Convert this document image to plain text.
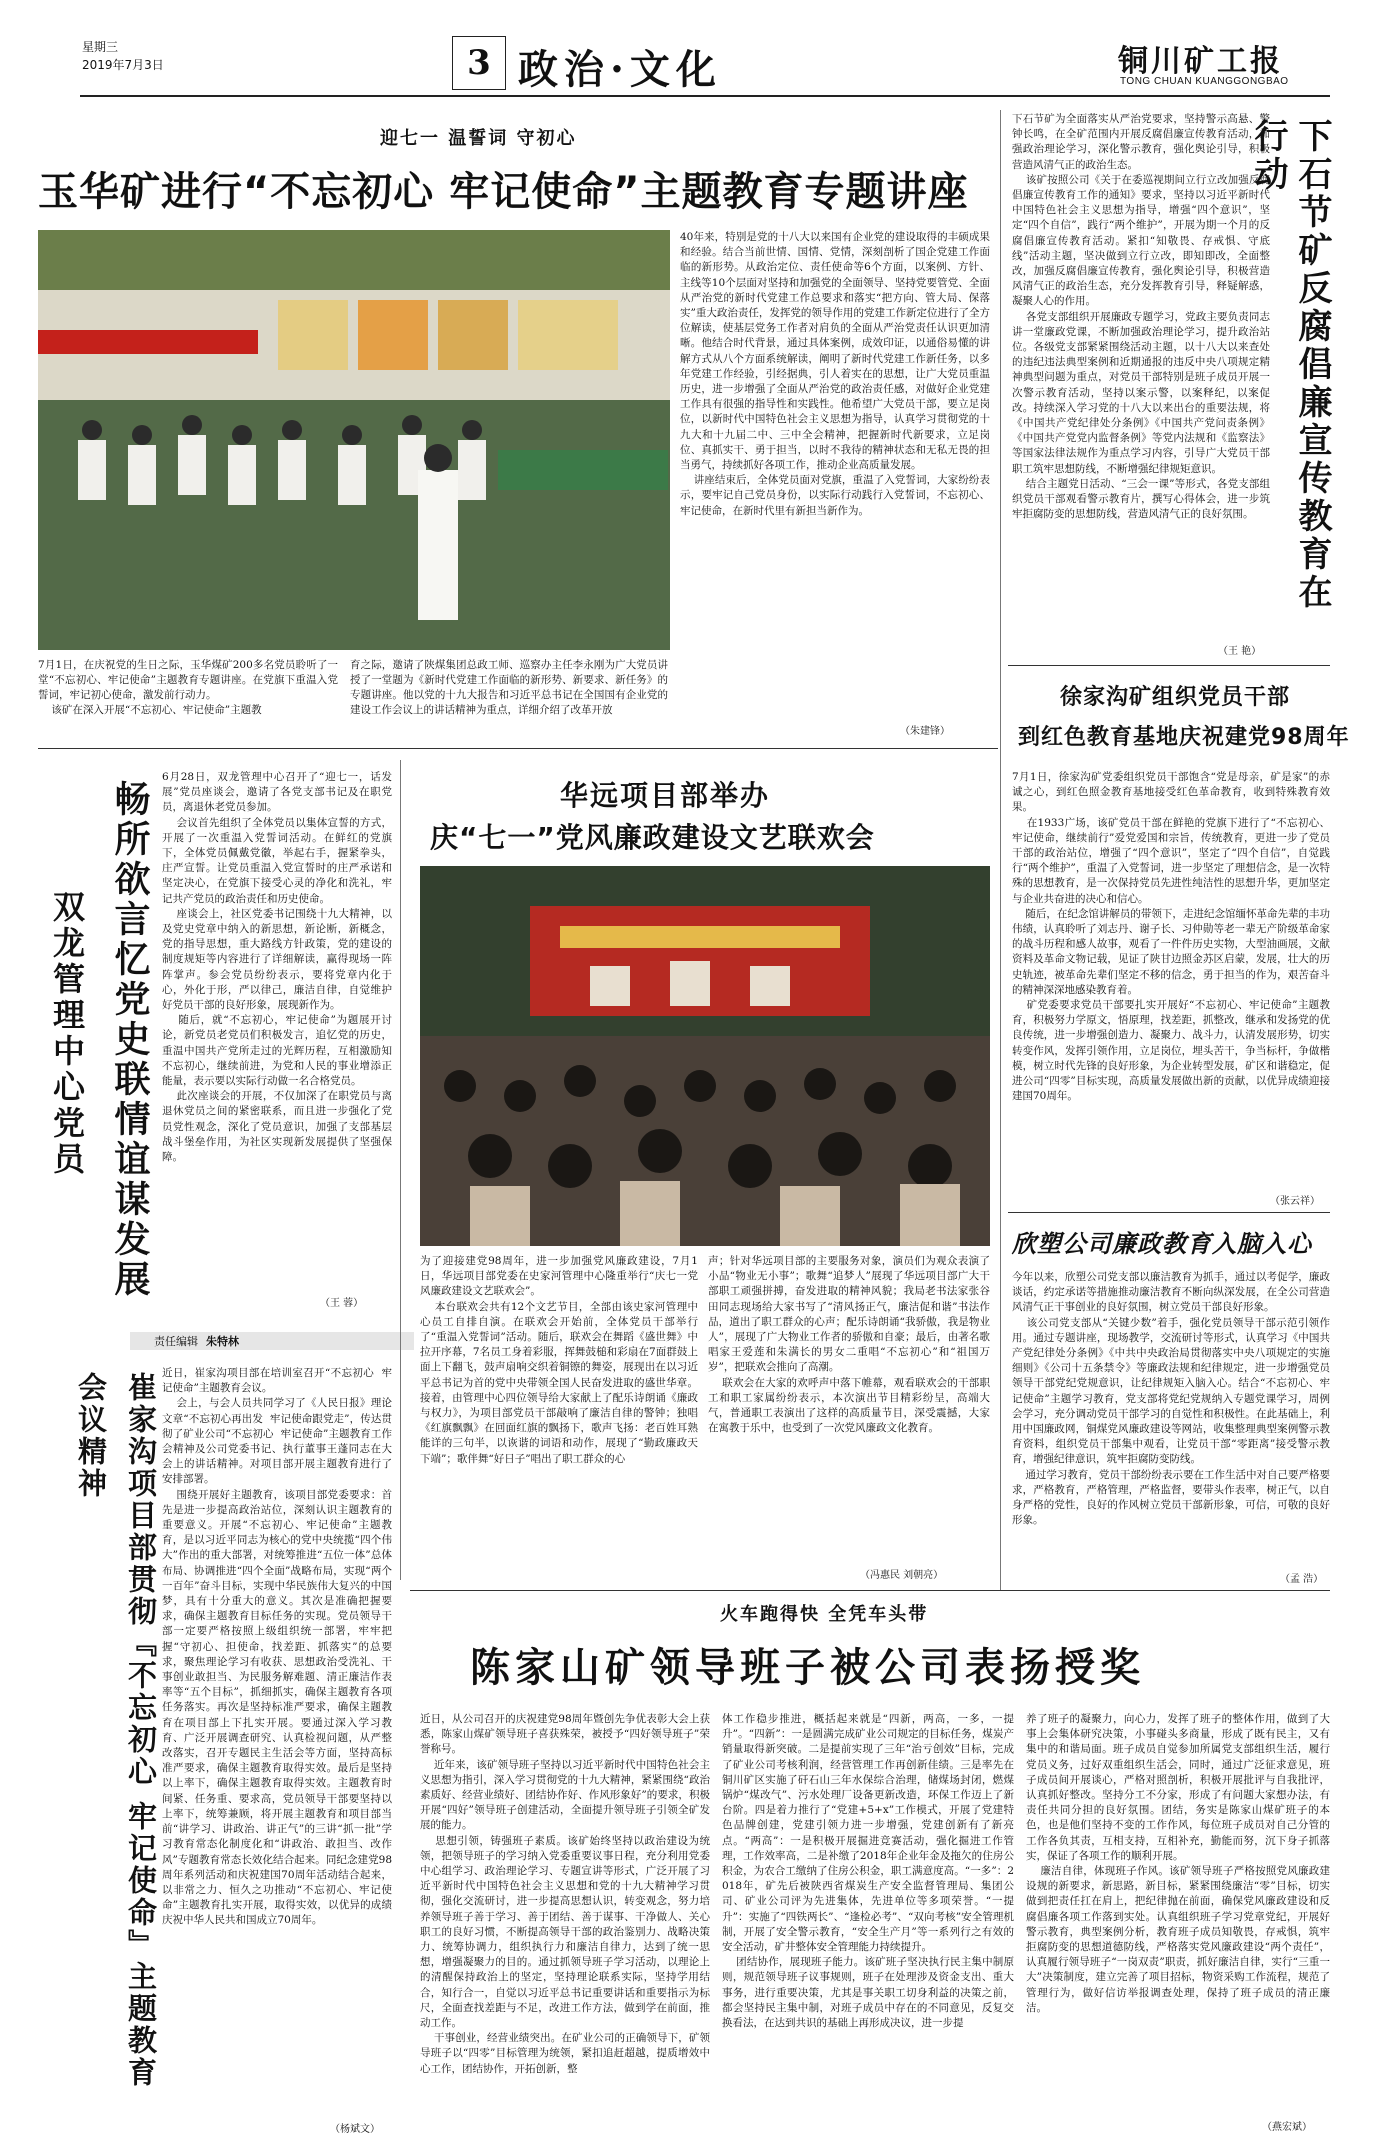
星期三
2019年7月3日	3 政治·文化	铜川矿工报
TONG CHUAN KUANGGONGBAO
迎七一 温誓词 守初心
玉华矿进行“不忘初心 牢记使命”主题教育专题讲座
7月1日，在庆祝党的生日之际，玉华煤矿200多名党员聆听了一堂“不忘初心、牢记使命”主题教育专题讲座。在党旗下重温入党誓词，牢记初心使命，激发前行动力。
该矿在深入开展“不忘初心、牢记使命”主题教
育之际，邀请了陕煤集团总政工师、巡察办主任李永刚为广大党员讲授了一堂题为《新时代党建工作面临的新形势、新要求、新任务》的专题讲座。他以党的十九大报告和习近平总书记在全国国有企业党的建设工作会议上的讲话精神为重点，详细介绍了改革开放
40年来，特别是党的十八大以来国有企业党的建设取得的丰硕成果和经验。结合当前世情、国情、党情，深刻剖析了国企党建工作面临的新形势。从政治定位、责任使命等6个方面，以案例、方针、主线等10个层面对坚持和加强党的全面领导、坚持党要管党、全面从严治党的新时代党建工作总要求和落实“把方向、管大局、保落实”重大政治责任，发挥党的领导作用的党建工作新定位进行了全方位解读，使基层党务工作者对肩负的全面从严治党责任认识更加清晰。他结合时代背景，通过具体案例，成效印证，以通俗易懂的讲解方式从八个方面系统解读，阐明了新时代党建工作新任务，以多年党建工作经验，引经据典，引人着实在的思想，让广大党员重温历史，进一步增强了全面从严治党的政治责任感，对做好企业党建工作具有很强的指导性和实践性。他希望广大党员干部，要立足岗位，以新时代中国特色社会主义思想为指导，认真学习贯彻党的十九大和十九届二中、三中全会精神，把握新时代新要求，立足岗位、真抓实干、勇于担当，以时不我待的精神状态和无私无畏的担当勇气，持续抓好各项工作，推动企业高质量发展。
讲座结束后，全体党员面对党旗，重温了入党誓词，大家纷纷表示，要牢记自己党员身份，以实际行动践行入党誓词，不忘初心、牢记使命，在新时代里有新担当新作为。
（朱建锋）
下石节矿为全面落实从严治党要求，坚持警示高悬、警钟长鸣，在全矿范围内开展反腐倡廉宣传教育活动，加强政治理论学习，深化警示教育，强化舆论引导，积极营造风清气正的政治生态。
该矿按照公司《关于在委巡视期间立行立改加强反腐倡廉宣传教育工作的通知》要求，坚持以习近平新时代中国特色社会主义思想为指导，增强“四个意识”，坚定“四个自信”，践行“两个维护”，开展为期一个月的反腐倡廉宣传教育活动。紧扣“知敬畏、存戒惧、守底线”活动主题，坚决做到立行立改，即知即改，全面整改，加强反腐倡廉宣传教育，强化舆论引导，积极营造风清气正的政治生态，充分发挥教育引导，释疑解惑，凝聚人心的作用。
各党支部组织开展廉政专题学习，党政主要负责同志讲一堂廉政党课，不断加强政治理论学习，提升政治站位。各级党支部紧紧围绕活动主题，以十八大以来查处的违纪违法典型案例和近期通报的违反中央八项规定精神典型问题为重点，对党员干部特别是班子成员开展一次警示教育活动，坚持以案示警，以案释纪，以案促改。持续深入学习党的十八大以来出台的重要法规，将《中国共产党纪律处分条例》《中国共产党问责条例》《中国共产党党内监督条例》等党内法规和《监察法》等国家法律法规作为重点学习内容，引导广大党员干部职工筑牢思想防线，不断增强纪律规矩意识。
结合主题党日活动、“三会一课”等形式，各党支部组织党员干部观看警示教育片，撰写心得体会，进一步筑牢拒腐防变的思想防线，营造风清气正的良好氛围。	下石节矿反腐倡廉宣传教育在行动
（王 艳）
徐家沟矿组织党员干部
到红色教育基地庆祝建党98周年
7月1日，徐家沟矿党委组织党员干部饱含“党是母亲，矿是家”的赤诚之心，到红色照金教育基地接受红色革命教育，收到特殊教育效果。
在1933广场，该矿党员干部在鲜艳的党旗下进行了“不忘初心、牢记使命，继续前行”爱党爱国和宗旨，传统教育，更进一步了党员干部的政治站位，增强了“四个意识”，坚定了“四个自信”，自觉践行“两个维护”，重温了入党誓词，进一步坚定了理想信念，是一次特殊的思想教育，是一次保持党员先进性纯洁性的思想升华，更加坚定与企业共奋进的决心和信心。
随后，在纪念馆讲解员的带领下，走进纪念馆缅怀革命先辈的丰功伟绩，认真聆听了刘志丹、谢子长、习仲勋等老一辈无产阶级革命家的战斗历程和感人故事，观看了一件件历史实物，大型油画展，文献资料及革命文物记载，见证了陕甘边照金苏区启蒙，发展，壮大的历史轨迹，被革命先辈们坚定不移的信念，勇于担当的作为，艰苦奋斗的精神深深地感染教育着。
矿党委要求党员干部要扎实开展好“不忘初心、牢记使命”主题教育，积极努力学原文，悟原理，找差距，抓整改，继承和发扬党的优良传统，进一步增强创造力、凝聚力、战斗力，认清发展形势，切实转变作风，发挥引领作用，立足岗位，埋头苦干，争当标杆，争做楷模，树立时代先锋的良好形象，为企业转型发展，矿区和谐稳定，促进公司“四零”目标实现，高质量发展做出新的贡献，以优异成绩迎接建国70周年。
（张云祥）
欣塑公司廉政教育入脑入心
今年以来，欣塑公司党支部以廉洁教育为抓手，通过以考促学，廉政谈话，约定承诺等措施推动廉洁教育不断向纵深发展，在全公司营造风清气正干事创业的良好氛围，树立党员干部良好形象。
该公司党支部从“关键少数”着手，强化党员领导干部示范引领作用。通过专题讲座，现场教学，交流研讨等形式，认真学习《中国共产党纪律处分条例》《中共中央政治局贯彻落实中央八项规定的实施细则》《公司十五条禁令》等廉政法规和纪律规定，进一步增强党员领导干部党纪党规意识，让纪律规矩入脑入心。结合“不忘初心、牢记使命”主题学习教育，党支部将党纪党规纳入专题党课学习，周例会学习，充分调动党员干部学习的自觉性和积极性。在此基础上，利用中国廉政网，铜煤党风廉政建设等网站，收集整理典型案例警示教育资料，组织党员干部集中观看，让党员干部“零距离”接受警示教育，增强纪律意识，筑牢拒腐防变防线。
通过学习教育，党员干部纷纷表示要在工作生活中对自己要严格要求，严格教育，严格管理，严格监督，要带头作表率，树正气，以自身严格的党性，良好的作风树立党员干部新形象，可信，可敬的良好形象。
（孟 浩）
畅所欲言忆党史联情谊谋发展
双龙管理中心党员
6月28日，双龙管理中心召开了“迎七一，话发展”党员座谈会，邀请了各党支部书记及在职党员，离退休老党员参加。
会议首先组织了全体党员以集体宣誓的方式，开展了一次重温入党誓词活动。在鲜红的党旗下，全体党员佩戴党徽，举起右手，握紧拳头，庄严宣誓。让党员重温入党宣誓时的庄严承诺和坚定决心，在党旗下接受心灵的净化和洗礼，牢记共产党员的政治责任和历史使命。
座谈会上，社区党委书记围绕十九大精神，以及党史党章中纳入的新思想，新论断，新概念，党的指导思想，重大路线方针政策，党的建设的制度规矩等内容进行了详细解读，赢得现场一阵阵掌声。参会党员纷纷表示，要将党章内化于心，外化于形，严以律己，廉洁自律，自觉维护好党员干部的良好形象，展现新作为。
随后，就“不忘初心，牢记使命”为题展开讨论，新党员老党员们积极发言，追忆党的历史，重温中国共产党所走过的光辉历程，互相激励知不忘初心，继续前进，为党和人民的事业增添正能量，表示要以实际行动做一名合格党员。
此次座谈会的开展，不仅加深了在职党员与离退休党员之间的紧密联系，而且进一步强化了党员党性观念，深化了党员意识，加强了支部基层战斗堡垒作用，为社区实现新发展提供了坚强保障。
（王 蓉）
责任编辑 朱特林
华远项目部举办
庆“七一”党风廉政建设文艺联欢会
为了迎接建党98周年，进一步加强党风廉政建设，7月1日，华远项目部党委在史家河管理中心隆重举行“庆七一党风廉政建设文艺联欢会”。
本台联欢会共有12个文艺节目，全部由该史家河管理中心员工自排自演。在联欢会开始前，全体党员干部举行了“重温入党誓词”活动。随后，联欢会在舞蹈《盛世舞》中拉开序幕，7名员工身着彩服，挥舞鼓槌和彩扇在7面群鼓上面上下翻飞，鼓声扇响交织着铜镲的舞姿，展现出在以习近平总书记为首的党中央带领全国人民奋发进取的盛世华章。接着，由管理中心四位领导给大家献上了配乐诗朗诵《廉政与权力》，为项目部党员干部敲响了廉洁自律的警钟；独唱《红旗飘飘》在回面红旗的飘扬下，歌声飞扬：老百姓耳熟能详的三句半，以诙谐的词语和动作，展现了“勤政廉政天下端”；歌伴舞“好日子”唱出了职工群众的心
声；针对华远项目部的主要服务对象，演员们为观众表演了小品“物业无小事”；歌舞“追梦人”展现了华远项目部广大干部职工顽强拼搏，奋发进取的精神风貌；我局老书法家张谷田同志现场给大家书写了“清风扬正气，廉洁促和谐”书法作品，道出了职工群众的心声；配乐诗朗诵“我骄傲，我是物业人”，展现了广大物业工作者的骄傲和自豪；最后，由著名歌唱家王爱莲和朱满长的男女二重唱“不忘初心”和“祖国万岁”，把联欢会推向了高潮。
联欢会在大家的欢呼声中落下帷幕，观看联欢会的干部职工和职工家属纷纷表示，本次演出节目精彩纷呈，高端大气，普通职工表演出了这样的高质量节目，深受震撼，大家在寓教于乐中，也受到了一次党风廉政文化教育。
（冯惠民 刘朝亮）
崔家沟项目部贯彻『不忘初心 牢记使命』主题教育会议精神	近日，崔家沟项目部在培训室召开“不忘初心  牢记使命”主题教育会议。
会上，与会人员共同学习了《人民日报》理论文章“不忘初心再出发  牢记使命跟党走”，传达贯彻了矿业公司“不忘初心  牢记使命”主题教育工作会精神及公司党委书记、执行董事王蓬同志在大会上的讲话精神。对项目部开展主题教育进行了安排部署。
围绕开展好主题教育，该项目部党委要求：首先是进一步提高政治站位，深刻认识主题教育的重要意义。开展“不忘初心、牢记使命”主题教育，是以习近平同志为核心的党中央统揽“四个伟大”作出的重大部署，对统筹推进“五位一体”总体布局、协调推进“四个全面”战略布局，实现“两个一百年”奋斗目标，实现中华民族伟大复兴的中国梦，具有十分重大的意义。其次是准确把握要求，确保主题教育目标任务的实现。党员领导干部一定要严格按照上级组织统一部署，牢牢把握“守初心、担使命，找差距、抓落实”的总要求，聚焦理论学习有收获、思想政治受洗礼、干事创业敢担当、为民服务解难题、清正廉洁作表率等“五个目标”，抓细抓实，确保主题教育各项任务落实。再次是坚持标准严要求，确保主题教育在项目部上下扎实开展。要通过深入学习教育、广泛开展调查研究、认真检视问题，从严整改落实，召开专题民主生活会等方面，坚持高标准严要求，确保主题教育取得实效。最后是坚持以上率下，确保主题教育取得实效。主题教育时间紧、任务重、要求高，党员领导干部要坚持以上率下，统筹兼顾，将开展主题教育和项目部当前“讲学习、讲政治、讲正气”的三讲“抓一批”学习教育常态化制度化和“讲政治、敢担当、改作风”专题教育常态长效化结合起来。同纪念建党98周年系列活动和庆祝建国70周年活动结合起来，以非常之力、恒久之功推动“不忘初心、牢记使命”主题教育扎实开展，取得实效，以优异的成绩庆祝中华人民共和国成立70周年。
（杨斌文）
火车跑得快 全凭车头带
陈家山矿领导班子被公司表扬授奖
近日，从公司召开的庆祝建党98周年暨创先争优表彰大会上获悉，陈家山煤矿领导班子喜获殊荣，被授予“四好领导班子”荣誉称号。
近年来，该矿领导班子坚持以习近平新时代中国特色社会主义思想为指引，深入学习贯彻党的十九大精神，紧紧围绕“政治素质好、经营业绩好、团结协作好、作风形象好”的要求，积极开展“四好”领导班子创建活动，全面提升领导班子引领全矿发展的能力。
思想引领，铸强班子素质。该矿始终坚持以政治建设为统领，把领导班子的学习纳入党委重要议事日程，充分利用党委中心组学习、政治理论学习、专题宣讲等形式，广泛开展了习近平新时代中国特色社会主义思想和党的十九大精神学习贯彻，强化交流研讨，进一步提高思想认识，转变观念，努力培养领导班子善于学习、善于团结、善于谋事、干净做人、关心职工的良好习惯，不断提高领导干部的政治鉴别力、战略决策力、统筹协调力，组织执行力和廉洁自律力，达到了统一思想，增强凝聚力的目的。通过抓领导班子学习活动，以理论上的清醒保持政治上的坚定，坚持理论联系实际，坚持学用结合，知行合一，自觉以习近平总书记重要讲话和重要指示为标尺，全面查找差距与不足，改进工作方法，做到学在前面，推动工作。
干事创业，经营业绩突出。在矿业公司的正确领导下，矿领导班子以“四零”目标管理为统领，紧扣追赶超越，提质增效中心工作，团结协作，开拓创新，整
体工作稳步推进，概括起来就是“四新，两高，一多，一提升”。“四新”：一是圆满完成矿业公司规定的目标任务，煤炭产销量取得新突破。二是提前实现了三年“治亏创效”目标，完成了矿业公司考核利润，经营管理工作再创新佳绩。三是率先在铜川矿区实施了矸石山三年水保综合治理，储煤场封闭，燃煤锅炉“煤改气”、污水处理厂设备更新改造，环保工作迈上了新台阶。四是着力推行了“党建+5+x”工作模式，开展了党建特色品牌创建，党建引领力进一步增强，党建创新有了新亮点。“两高”：一是积极开展掘进竞赛活动，强化掘进工作管理，工作效率高，二是补缴了2018年企业年金及拖欠的住房公积金，为农合工缴纳了住房公积金，职工满意度高。“一多”：2018年，矿先后被陕西省煤炭生产安全监督管理局、集团公司、矿业公司评为先进集体，先进单位等多项荣誉。“一提升”：实施了“四铁两长”、“逢检必考”、“双向考核”安全管理机制，开展了安全警示教育，“安全生产月”等一系列行之有效的安全活动，矿井整体安全管理能力持续提升。
团结协作，展现班子能力。该矿班子坚决执行民主集中制原则，规范领导班子议事规则，班子在处理涉及资金支出、重大事务，进行重要决策，尤其是事关职工切身利益的决策之前，都会坚持民主集中制，对班子成员中存在的不同意见，反复交换看法，在达到共识的基础上再形成决议，进一步提
养了班子的凝聚力，向心力，发挥了班子的整体作用，做到了大事上会集体研究决策，小事碰头多商量，形成了既有民主，又有集中的和谐局面。班子成员自觉参加所属党支部组织生活，履行党员义务，过好双重组织生活会，同时，通过广泛征求意见，班子成员间开展谈心，严格对照剖析，积极开展批评与自我批评，认真抓好整改。坚持分工不分家，形成了有问题大家想办法，有责任共同分担的良好氛围。团结，务实是陈家山煤矿班子的本色，也是他们坚持不变的工作作风，每位班子成员对自己分管的工作各负其责，互相支持，互相补充，勤能而努，沉下身子抓落实，保证了各项工作的顺利开展。
廉洁自律，体现班子作风。该矿领导班子严格按照党风廉政建设规的新要求，新思路，新目标，紧紧围绕廉洁“零”目标，切实做到把责任扛在肩上，把纪律抛在前面，确保党风廉政建设和反腐倡廉各项工作落到实处。认真组织班子学习党章党纪，开展好警示教育，典型案例分析，教育班子成员知敬畏，存戒惧，筑牢拒腐防变的思想道德防线，严格落实党风廉政建设“两个责任”，认真履行领导班子“一岗双责”职责，抓好廉洁自律，实行“三重一大”决策制度，建立完善了项目招标，物资采购工作流程，规范了管理行为，做好信访举报调查处理，保持了班子成员的清正廉洁。
（燕宏斌）
